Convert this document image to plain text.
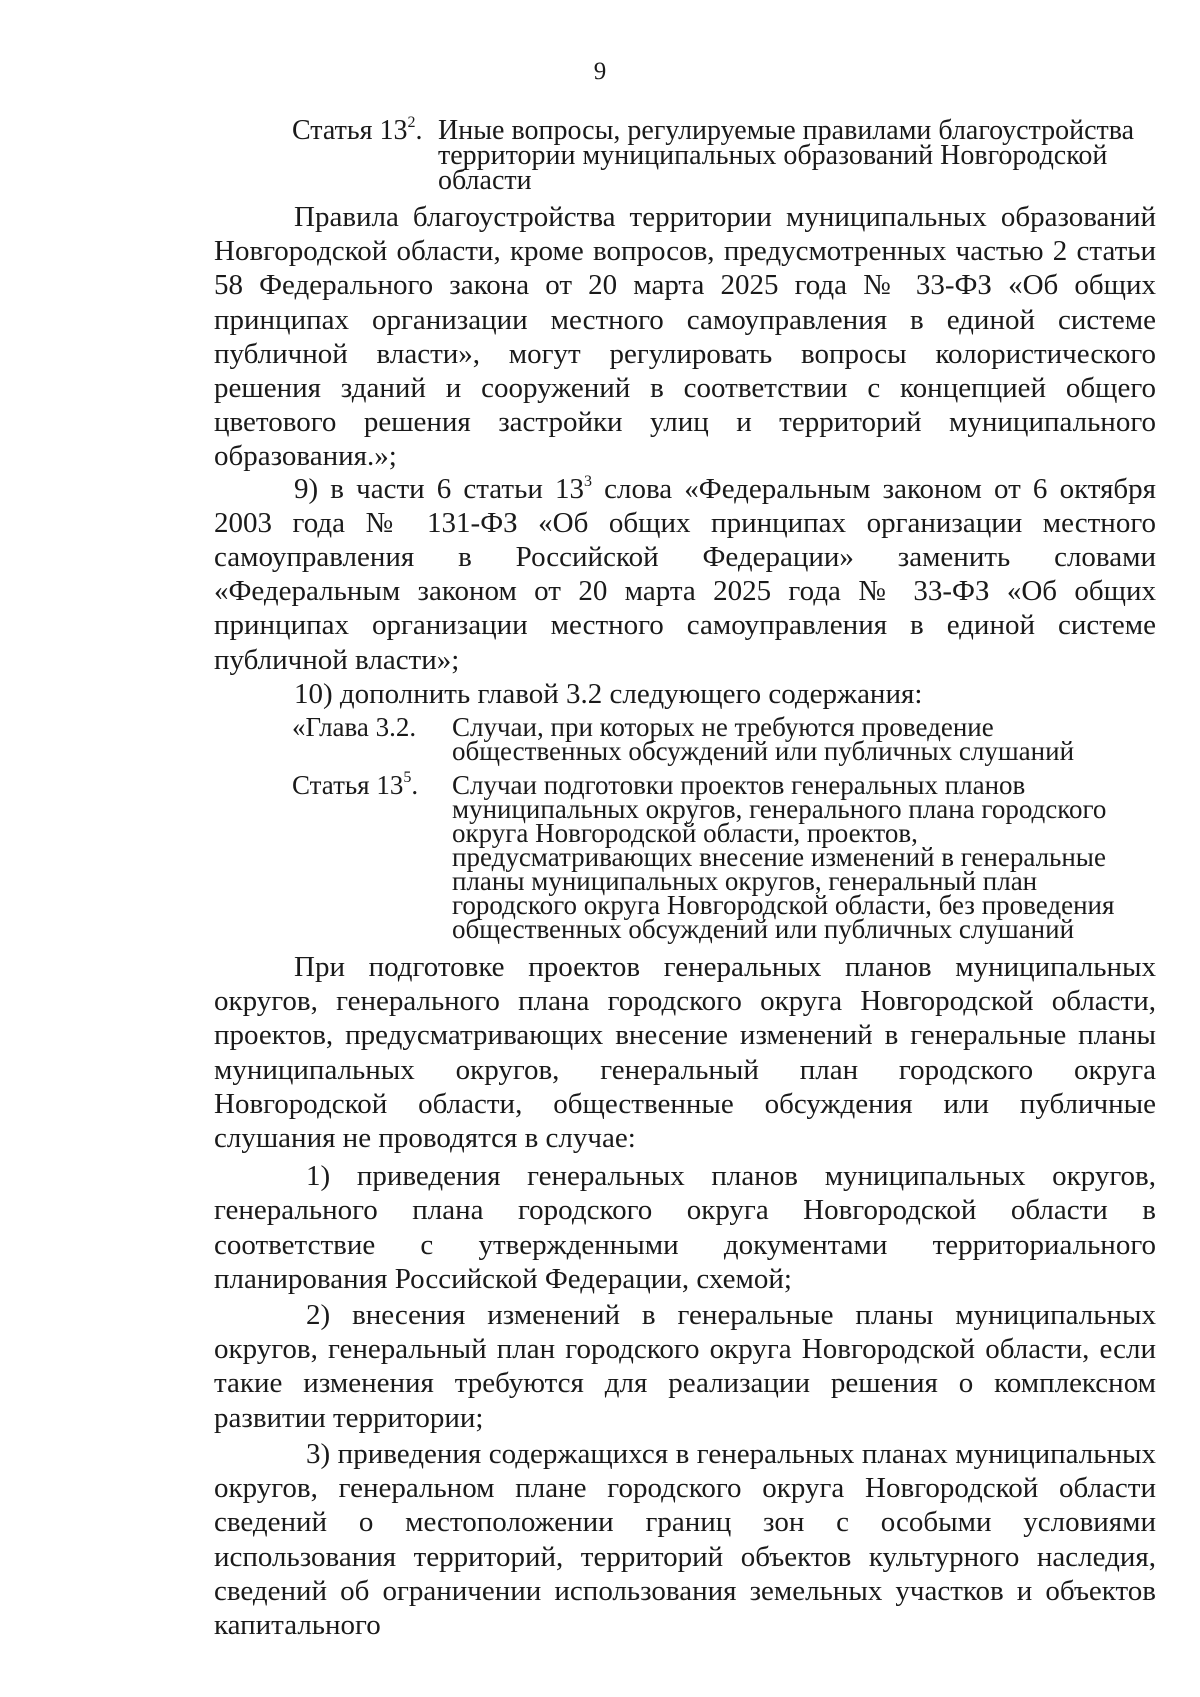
9
Статья $13^2$. Иные вопросы, регулируемые правилами благоустройства территории муниципальных образований Новгородской области

Правила благоустройства территории муниципальных образований Новгородской области, кроме вопросов, предусмотренных частью 2 статьи 58 Федерального закона от 20 марта 2025 года № 33-ФЗ «Об общих принципах организации местного самоуправления в единой системе публичной власти», могут регулировать вопросы колористического решения зданий и сооружений в соответствии с концепцией общего цветового решения застройки улиц и территорий муниципального образования.»;

9) в части 6 статьи $13^3$ слова «Федеральным законом от 6 октября 2003 года № 131-ФЗ «Об общих принципах организации местного самоуправления в Российской Федерации» заменить словами «Федеральным законом от 20 марта 2025 года № 33-ФЗ «Об общих принципах организации местного самоуправления в единой системе публичной власти»;

10) дополнить главой 3.2 следующего содержания:

«Глава 3.2.	Случаи, при которых не требуются проведение общественных обсуждений или публичных слушаний
Статья $13^5$.	Случаи подготовки проектов генеральных планов муниципальных округов, генерального плана городского округа Новгородской области, проектов, предусматривающих внесение изменений в генеральные планы муниципальных округов, генеральный план городского округа Новгородской области, без проведения общественных обсуждений или публичных слушаний

При подготовке проектов генеральных планов муниципальных округов, генерального плана городского округа Новгородской области, проектов, предусматривающих внесение изменений в генеральные планы муниципальных округов, генеральный план городского округа Новгородской области, общественные обсуждения или публичные слушания не проводятся в случае:

1) приведения генеральных планов муниципальных округов, генерального плана городского округа Новгородской области в соответствие с утвержденными документами территориального планирования Российской Федерации, схемой;

2) внесения изменений в генеральные планы муниципальных округов, генеральный план городского округа Новгородской области, если такие изменения требуются для реализации решения о комплексном развитии территории;

3) приведения содержащихся в генеральных планах муниципальных округов, генеральном плане городского округа Новгородской области сведений о местоположении границ зон с особыми условиями использования территорий, территорий объектов культурного наследия, сведений об ограничении использования земельных участков и объектов капитального
